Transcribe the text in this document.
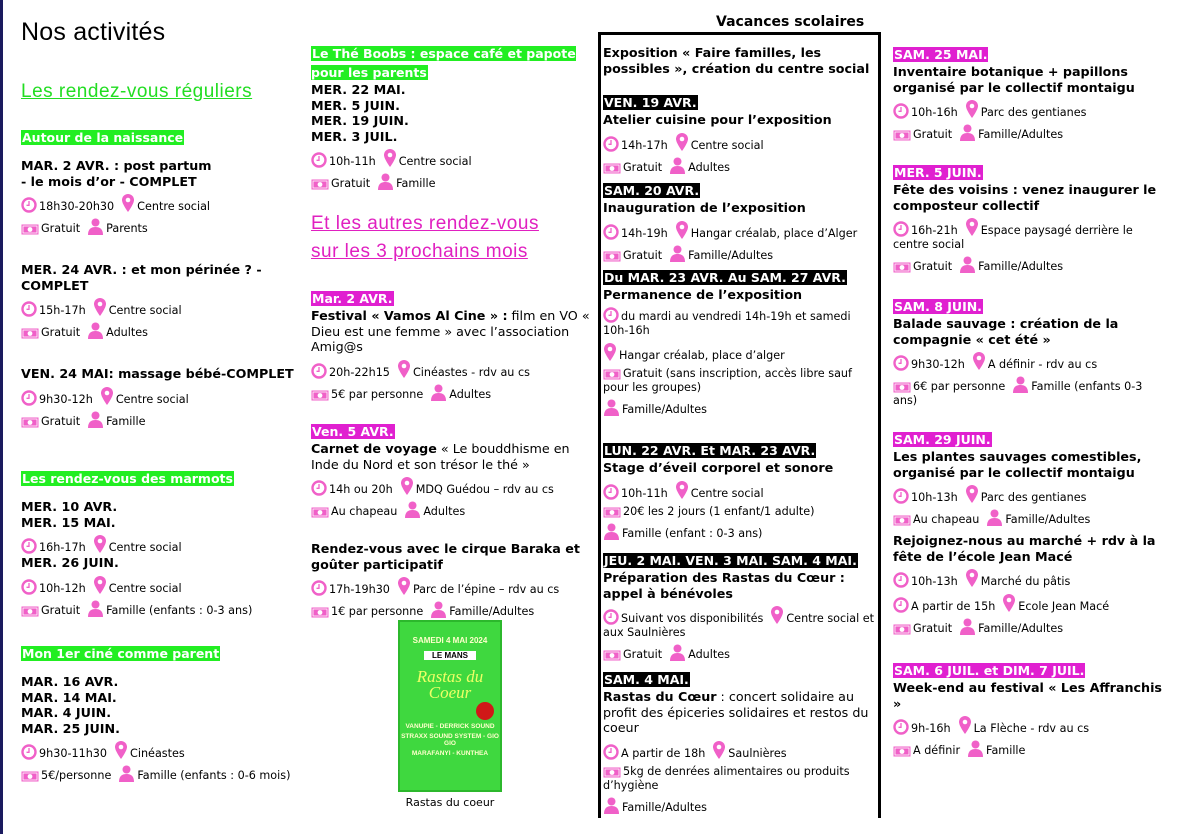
Nos activités
Les rendez-vous réguliers
Autour de la naissance
MAR. 2 AVR. : post partum
- le mois d’or - COMPLET
18h30-20h30 Centre social
Gratuit Parents
MER. 24 AVR. : et mon périnée ? -
COMPLET
15h-17h Centre social
Gratuit Adultes
VEN. 24 MAI: massage bébé-COMPLET
9h30-12h Centre social
Gratuit Famille
Les rendez-vous des marmots
MER. 10 AVR.
MER. 15 MAI.
16h-17h Centre social
MER. 26 JUIN.
10h-12h Centre social
Gratuit Famille (enfants : 0-3 ans)
Mon 1er ciné comme parent
MAR. 16 AVR.
MAR. 14 MAI.
MAR. 4 JUIN.
MAR. 25 JUIN.
9h30-11h30 Cinéastes
5€/personne Famille (enfants : 0-6 mois)
Le Thé Boobs : espace café et papote pour les parents
MER. 22 MAI.
MER. 5 JUIN.
MER. 19 JUIN.
MER. 3 JUIL.
10h-11h Centre social
Gratuit Famille
Et les autres rendez-vous
sur les 3 prochains mois
Mar. 2 AVR.
Festival « Vamos Al Cine » : film en VO « Dieu est une femme » avec l’association Amig@s
20h-22h15 Cinéastes - rdv au cs
5€ par personne Adultes
Ven. 5 AVR.
Carnet de voyage « Le bouddhisme en Inde du Nord et son trésor le thé »
14h ou 20h MDQ Guédou – rdv au cs
Au chapeau Adultes
Rendez-vous avec le cirque Baraka et goûter participatif
17h-19h30 Parc de l’épine – rdv au cs
1€ par personne Famille/Adultes
Vacances scolaires
Exposition « Faire familles, les possibles », création du centre social
VEN. 19 AVR.
Atelier cuisine pour l’exposition
14h-17h Centre social
Gratuit Adultes
SAM. 20 AVR.
Inauguration de l’exposition
14h-19h Hangar créalab, place d’Alger
Gratuit Famille/Adultes
Du MAR. 23 AVR. Au SAM. 27 AVR.
Permanence de l’exposition
du mardi au vendredi 14h-19h et samedi 10h-16h
Hangar créalab, place d’alger
Gratuit (sans inscription, accès libre sauf pour les groupes)
Famille/Adultes
LUN. 22 AVR. Et MAR. 23 AVR.
Stage d’éveil corporel et sonore
10h-11h Centre social
20€ les 2 jours (1 enfant/1 adulte)
Famille (enfant : 0-3 ans)
JEU. 2 MAI. VEN. 3 MAI. SAM. 4 MAI.
Préparation des Rastas du Cœur : appel à bénévoles
Suivant vos disponibilités Centre social et aux Saulnières
Gratuit Adultes
SAM. 4 MAI.
Rastas du Cœur : concert solidaire au profit des épiceries solidaires et restos du coeur
A partir de 18h Saulnières
5kg de denrées alimentaires ou produits d’hygiène
Famille/Adultes
SAM. 25 MAI.
Inventaire botanique + papillons organisé par le collectif montaigu
10h-16h Parc des gentianes
Gratuit Famille/Adultes
MER. 5 JUIN.
Fête des voisins : venez inaugurer le composteur collectif
16h-21h Espace paysagé derrière le centre social
Gratuit Famille/Adultes
SAM. 8 JUIN.
Balade sauvage : création de la compagnie « cet été »
9h30-12h A définir - rdv au cs
6€ par personne Famille (enfants 0-3 ans)
SAM. 29 JUIN.
Les plantes sauvages comestibles, organisé par le collectif montaigu
10h-13h Parc des gentianes
Au chapeau Famille/Adultes
Rejoignez-nous au marché + rdv à la fête de l’école Jean Macé
10h-13h Marché du pâtis
A partir de 15h Ecole Jean Macé
Gratuit Famille/Adultes
SAM. 6 JUIL. et DIM. 7 JUIL.
Week-end au festival « Les Affranchis »
9h-16h La Flèche - rdv au cs
A définir Famille
SAMEDI 4 MAI 2024
LE MANS
Rastas du Coeur
VANUPIE - DERRICK SOUND
STRAXX SOUND SYSTEM - GIO GIO
MARAFANYI - KUNTHEA
Rastas du coeur
